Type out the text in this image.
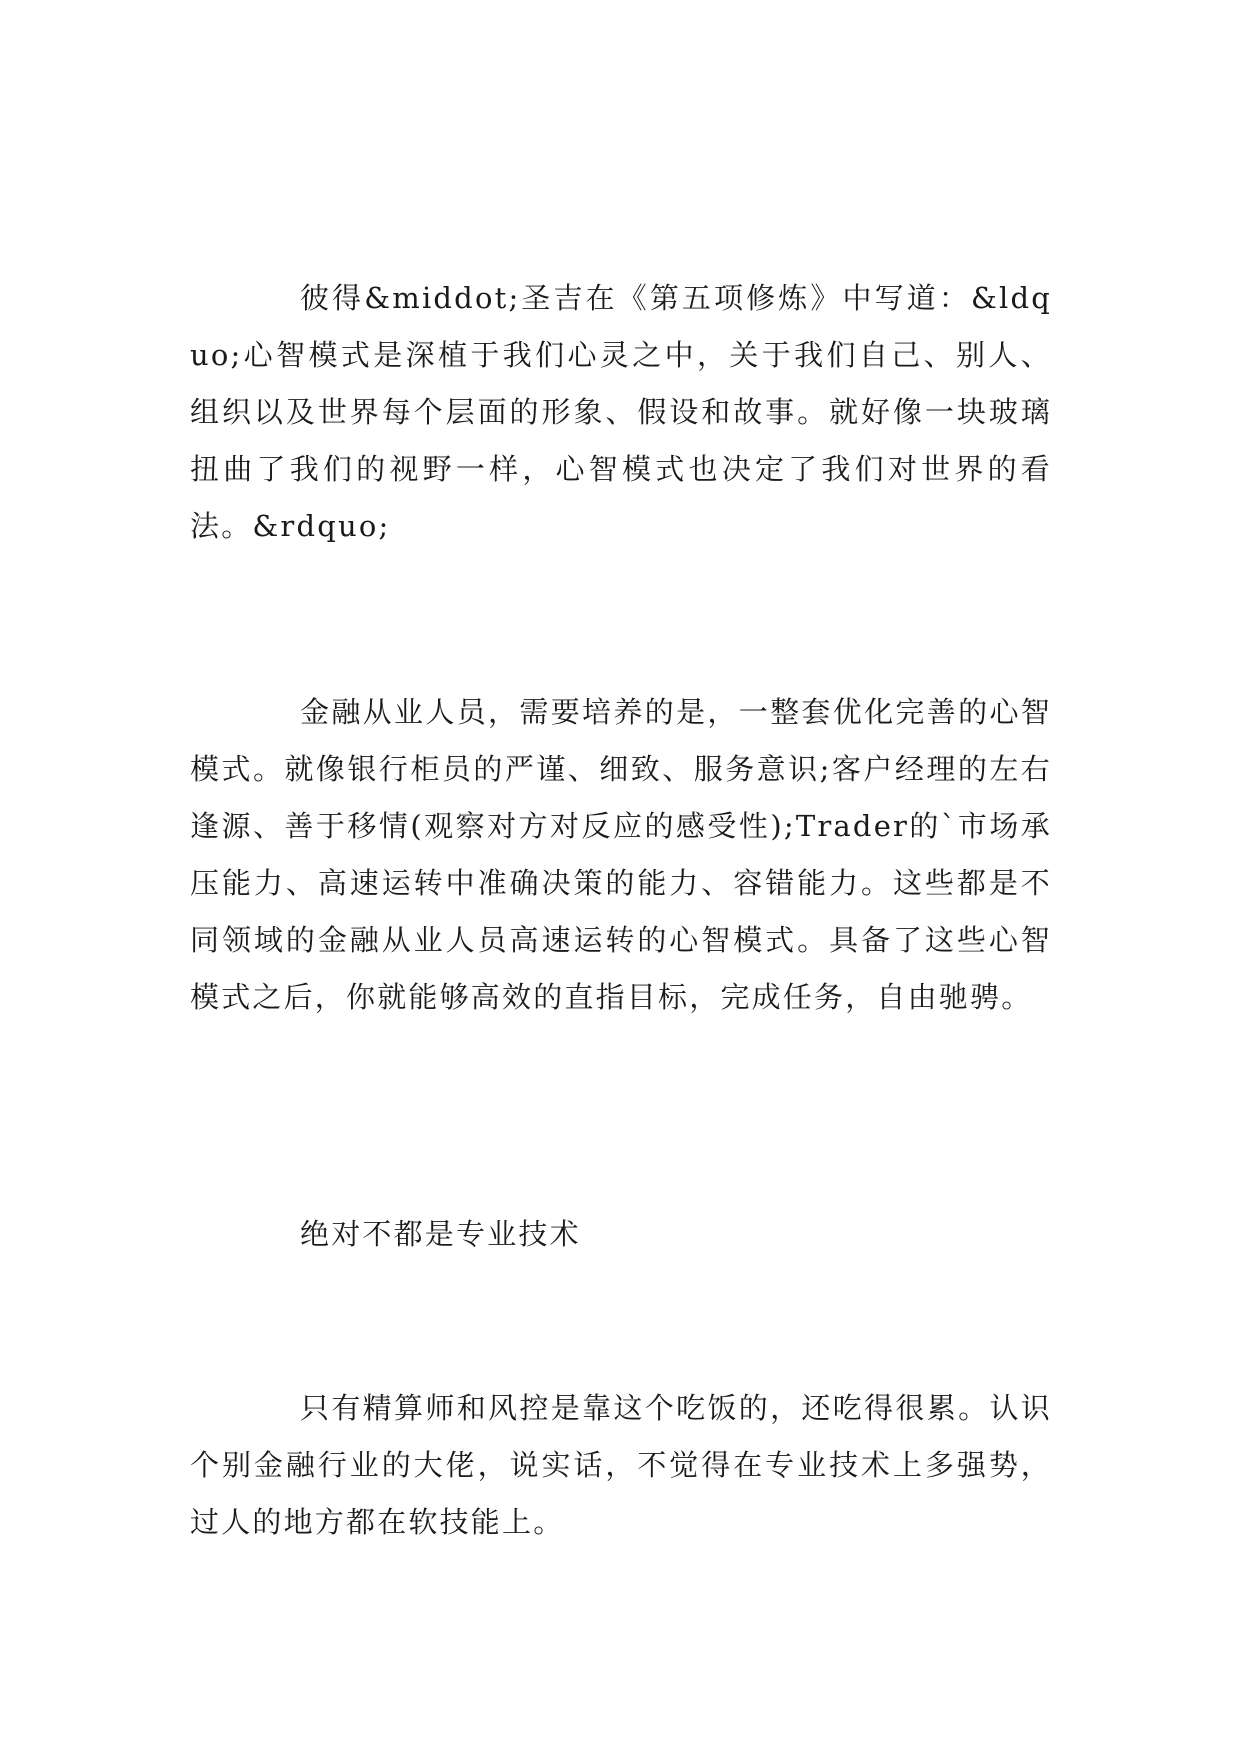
彼得&middot;圣吉在《第五项修炼》中写道：&ldquo;心智模式是深植于我们心灵之中，关于我们自己、别人、组织以及世界每个层面的形象、假设和故事。就好像一块玻璃扭曲了我们的视野一样，心智模式也决定了我们对世界的看法。&rdquo;

金融从业人员，需要培养的是，一整套优化完善的心智模式。就像银行柜员的严谨、细致、服务意识;客户经理的左右逢源、善于移情(观察对方对反应的感受性);Trader的`市场承压能力、高速运转中准确决策的能力、容错能力。这些都是不同领域的金融从业人员高速运转的心智模式。具备了这些心智模式之后，你就能够高效的直指目标，完成任务，自由驰骋。

绝对不都是专业技术

只有精算师和风控是靠这个吃饭的，还吃得很累。认识个别金融行业的大佬，说实话，不觉得在专业技术上多强势，过人的地方都在软技能上。
